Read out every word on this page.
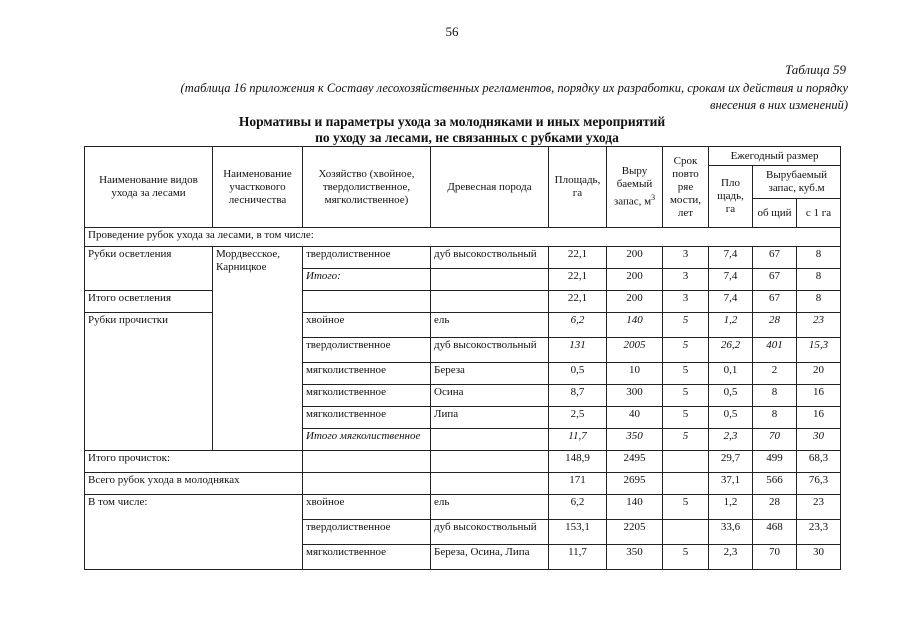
56
Таблица 59
(таблица 16 приложения к Составу лесохозяйственных регламентов, порядку их разработки, срокам их действия и порядку внесения в них изменений)
Нормативы и параметры ухода за молодняками и иных мероприятий
по уходу за лесами, не связанных с рубками ухода
Наименование видов ухода за лесами	Наименование участкового лесничества	Хозяйство (хвойное, твердолиственное, мягколиственное)	Древесная порода	Площадь, га	Выру баемый запас, $м^3$	Срок повто ряе мости, лет	Ежегодный размер		
							Пло щадь, га	Вырубаемый запас, куб.м	
								об щий	с 1 га
Проведение рубок ухода за лесами, в том числе:									
Рубки осветления	Мордвесское, Карницкое	твердолиственное	дуб высокоствольный	22,1	200	3	7,4	67	8
		Итого:		22,1	200	3	7,4	67	8
Итого осветления				22,1	200	3	7,4	67	8
Рубки прочистки		хвойное	ель	6,2	140	5	1,2	28	23
		твердолиственное	дуб высокоствольный	131	2005	5	26,2	401	15,3
		мягколиственное	Береза	0,5	10	5	0,1	2	20
		мягколиственное	Осина	8,7	300	5	0,5	8	16
		мягколиственное	Липа	2,5	40	5	0,5	8	16
		Итого мягколиственное		11,7	350	5	2,3	70	30
Итого прочисток:				148,9	2495		29,7	499	68,3
Всего рубок ухода в молодняках				171	2695		37,1	566	76,3
В том числе:		хвойное	ель	6,2	140	5	1,2	28	23
		твердолиственное	дуб высокоствольный	153,1	2205		33,6	468	23,3
		мягколиственное	Береза, Осина, Липа	11,7	350	5	2,3	70	30
